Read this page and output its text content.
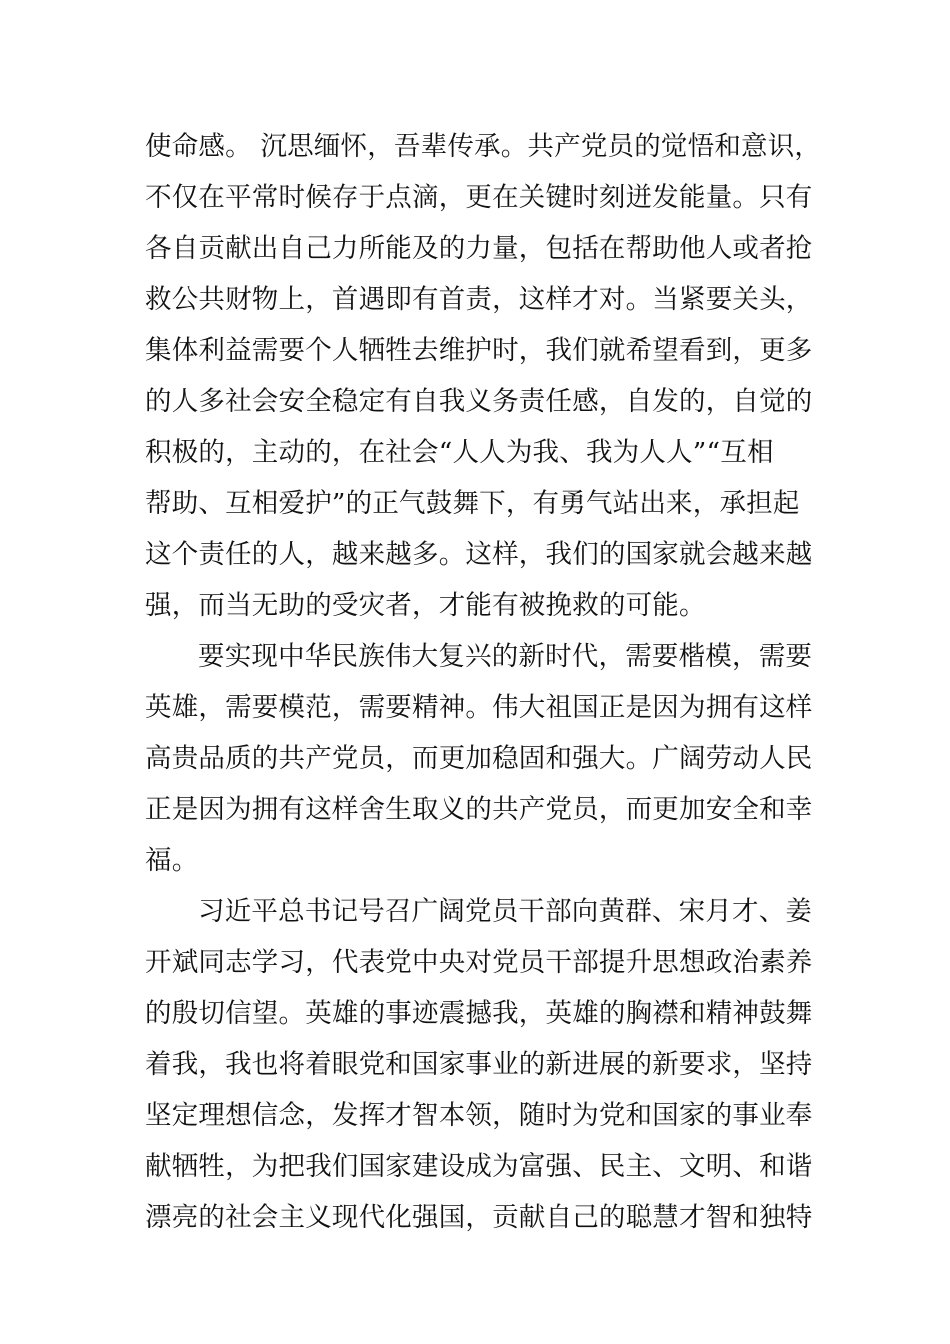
使命感。 沉思缅怀，吾辈传承。共产党员的觉悟和意识，
不仅在平常时候存于点滴，更在关键时刻迸发能量。只有
各自贡献出自己力所能及的力量，包括在帮助他人或者抢
救公共财物上，首遇即有首责，这样才对。当紧要关头，
集体利益需要个人牺牲去维护时，我们就希望看到，更多
的人多社会安全稳定有自我义务责任感，自发的，自觉的
积极的，主动的，在社会“人人为我、我为人人”“互相
帮助、互相爱护”的正气鼓舞下，有勇气站出来，承担起
这个责任的人，越来越多。这样，我们的国家就会越来越
强，而当无助的受灾者，才能有被挽救的可能。

要实现中华民族伟大复兴的新时代，需要楷模，需要
英雄，需要模范，需要精神。伟大祖国正是因为拥有这样
高贵品质的共产党员，而更加稳固和强大。广阔劳动人民
正是因为拥有这样舍生取义的共产党员，而更加安全和幸
福。

习近平总书记号召广阔党员干部向黄群、宋月才、姜
开斌同志学习，代表党中央对党员干部提升思想政治素养
的殷切信望。英雄的事迹震撼我，英雄的胸襟和精神鼓舞
着我，我也将着眼党和国家事业的新进展的新要求，坚持
坚定理想信念，发挥才智本领，随时为党和国家的事业奉
献牺牲，为把我们国家建设成为富强、民主、文明、和谐
漂亮的社会主义现代化强国，贡献自己的聪慧才智和独特
